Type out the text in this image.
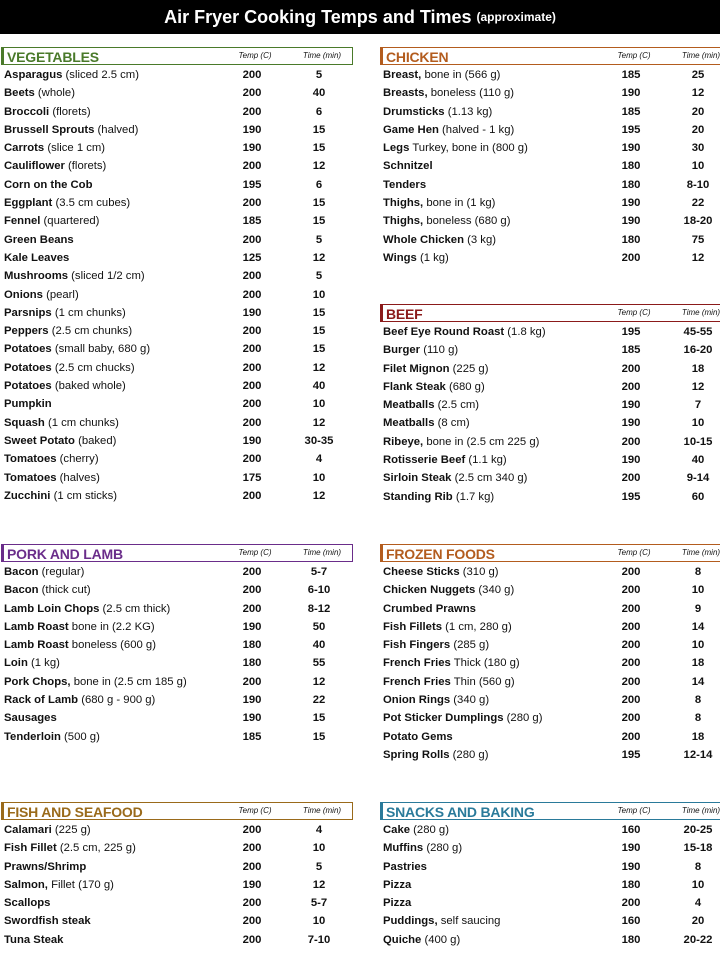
Air Fryer Cooking Temps and Times (approximate)
VEGETABLES	Temp (C)	Time (min)
Asparagus (sliced 2.5 cm)	200	5
Beets (whole)	200	40
Broccoli (florets)	200	6
Brussell Sprouts (halved)	190	15
Carrots (slice 1 cm)	190	15
Cauliflower (florets)	200	12
Corn on the Cob	195	6
Eggplant (3.5 cm cubes)	200	15
Fennel (quartered)	185	15
Green Beans	200	5
Kale Leaves	125	12
Mushrooms (sliced 1/2 cm)	200	5
Onions (pearl)	200	10
Parsnips (1 cm chunks)	190	15
Peppers (2.5 cm chunks)	200	15
Potatoes (small baby, 680 g)	200	15
Potatoes (2.5 cm chucks)	200	12
Potatoes (baked whole)	200	40
Pumpkin	200	10
Squash (1 cm chunks)	200	12
Sweet Potato (baked)	190	30-35
Tomatoes (cherry)	200	4
Tomatoes (halves)	175	10
Zucchini (1 cm sticks)	200	12
CHICKEN	Temp (C)	Time (min)
Breast, bone in (566 g)	185	25
Breasts, boneless (110 g)	190	12
Drumsticks (1.13 kg)	185	20
Game Hen (halved - 1 kg)	195	20
Legs Turkey, bone in (800 g)	190	30
Schnitzel	180	10
Tenders	180	8-10
Thighs, bone in (1 kg)	190	22
Thighs, boneless (680 g)	190	18-20
Whole Chicken (3 kg)	180	75
Wings (1 kg)	200	12
BEEF	Temp (C)	Time (min)
Beef Eye Round Roast (1.8 kg)	195	45-55
Burger (110 g)	185	16-20
Filet Mignon (225 g)	200	18
Flank Steak (680 g)	200	12
Meatballs (2.5 cm)	190	7
Meatballs (8 cm)	190	10
Ribeye, bone in (2.5 cm 225 g)	200	10-15
Rotisserie Beef (1.1 kg)	190	40
Sirloin Steak (2.5 cm 340 g)	200	9-14
Standing Rib (1.7 kg)	195	60
PORK AND LAMB	Temp (C)	Time (min)
Bacon (regular)	200	5-7
Bacon (thick cut)	200	6-10
Lamb Loin Chops (2.5 cm thick)	200	8-12
Lamb Roast bone in (2.2 KG)	190	50
Lamb Roast boneless (600 g)	180	40
Loin (1 kg)	180	55
Pork Chops, bone in (2.5 cm 185 g)	200	12
Rack of Lamb (680 g - 900 g)	190	22
Sausages	190	15
Tenderloin (500 g)	185	15
FROZEN FOODS	Temp (C)	Time (min)
Cheese Sticks (310 g)	200	8
Chicken Nuggets (340 g)	200	10
Crumbed Prawns	200	9
Fish Fillets (1 cm, 280 g)	200	14
Fish Fingers (285 g)	200	10
French Fries Thick (180 g)	200	18
French Fries Thin (560 g)	200	14
Onion Rings (340 g)	200	8
Pot Sticker Dumplings (280 g)	200	8
Potato Gems	200	18
Spring Rolls (280 g)	195	12-14
FISH AND SEAFOOD	Temp (C)	Time (min)
Calamari (225 g)	200	4
Fish Fillet (2.5 cm, 225 g)	200	10
Prawns/Shrimp	200	5
Salmon, Fillet (170 g)	190	12
Scallops	200	5-7
Swordfish steak	200	10
Tuna Steak	200	7-10
SNACKS AND BAKING	Temp (C)	Time (min)
Cake (280 g)	160	20-25
Muffins (280 g)	190	15-18
Pastries	190	8
Pizza	180	10
Pizza	200	4
Puddings, self saucing	160	20
Quiche (400 g)	180	20-22
